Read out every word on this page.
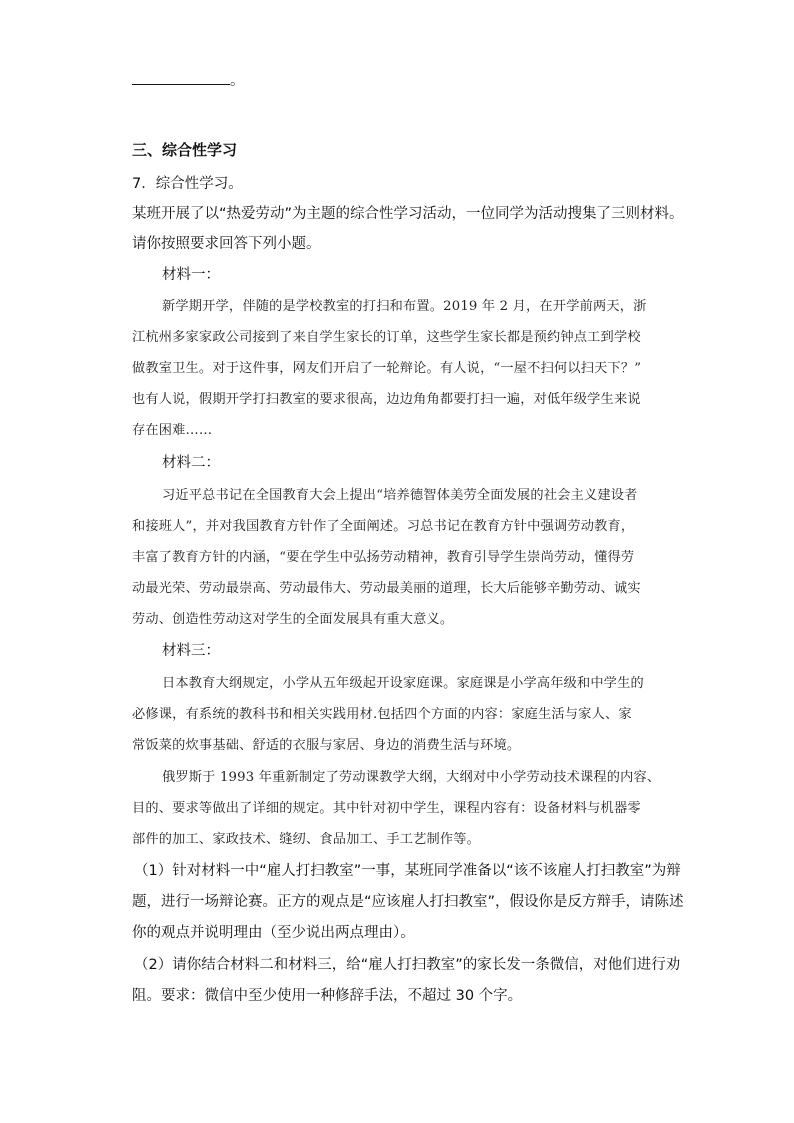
。
三、综合性学习
7．综合性学习。
某班开展了以“热爱劳动”为主题的综合性学习活动，一位同学为活动搜集了三则材料。
请你按照要求回答下列小题。
材料一：
新学期开学，伴随的是学校教室的打扫和布置。2019 年 2 月，在开学前两天，浙
江杭州多家家政公司接到了来自学生家长的订单，这些学生家长都是预约钟点工到学校
做教室卫生。对于这件事，网友们开启了一轮辩论。有人说，“一屋不扫何以扫天下？”
也有人说，假期开学打扫教室的要求很高，边边角角都要打扫一遍，对低年级学生来说
存在困难……
材料二：
习近平总书记在全国教育大会上提出“培养德智体美劳全面发展的社会主义建设者
和接班人”，并对我国教育方针作了全面阐述。习总书记在教育方针中强调劳动教育，
丰富了教育方针的内涵，“要在学生中弘扬劳动精神，教育引导学生崇尚劳动，懂得劳
动最光荣、劳动最崇高、劳动最伟大、劳动最美丽的道理，长大后能够辛勤劳动、诚实
劳动、创造性劳动这对学生的全面发展具有重大意义。
材料三：
日本教育大纲规定，小学从五年级起开设家庭课。家庭课是小学高年级和中学生的
必修课，有系统的教科书和相关实践用材.包括四个方面的内容：家庭生活与家人、家
常饭菜的炊事基础、舒适的衣服与家居、身边的消费生活与环境。
俄罗斯于 1993 年重新制定了劳动课教学大纲，大纲对中小学劳动技术课程的内容、
目的、要求等做出了详细的规定。其中针对初中学生，课程内容有：设备材料与机器零
部件的加工、家政技术、缝纫、食品加工、手工艺制作等。
（1）针对材料一中“雇人打扫教室”一事，某班同学准备以“该不该雇人打扫教室”为辩
题，进行一场辩论赛。正方的观点是“应该雇人打扫教室”，假设你是反方辩手，请陈述
你的观点并说明理由（至少说出两点理由）。
（2）请你结合材料二和材料三，给“雇人打扫教室”的家长发一条微信，对他们进行劝
阻。要求：微信中至少使用一种修辞手法，不超过 30 个字。
